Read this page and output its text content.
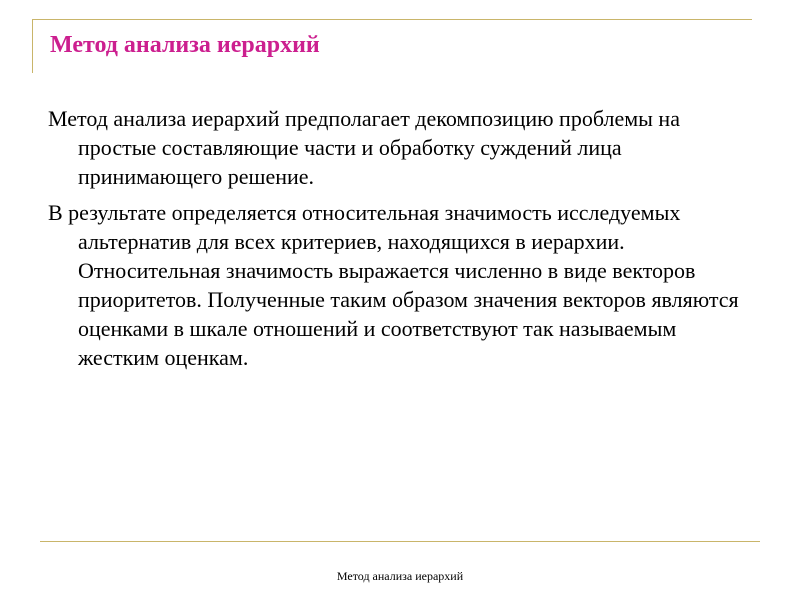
Метод анализа иерархий

Метод анализа иерархий предполагает декомпозицию проблемы на простые составляющие части и обработку суждений лица принимающего решение.

В результате определяется относительная значимость исследуемых альтернатив для всех критериев, находящихся в иерархии. Относительная значимость выражается численно в виде векторов приоритетов. Полученные таким образом значения векторов являются оценками в шкале отношений и соответствуют так называемым жестким оценкам.

Метод анализа иерархий
